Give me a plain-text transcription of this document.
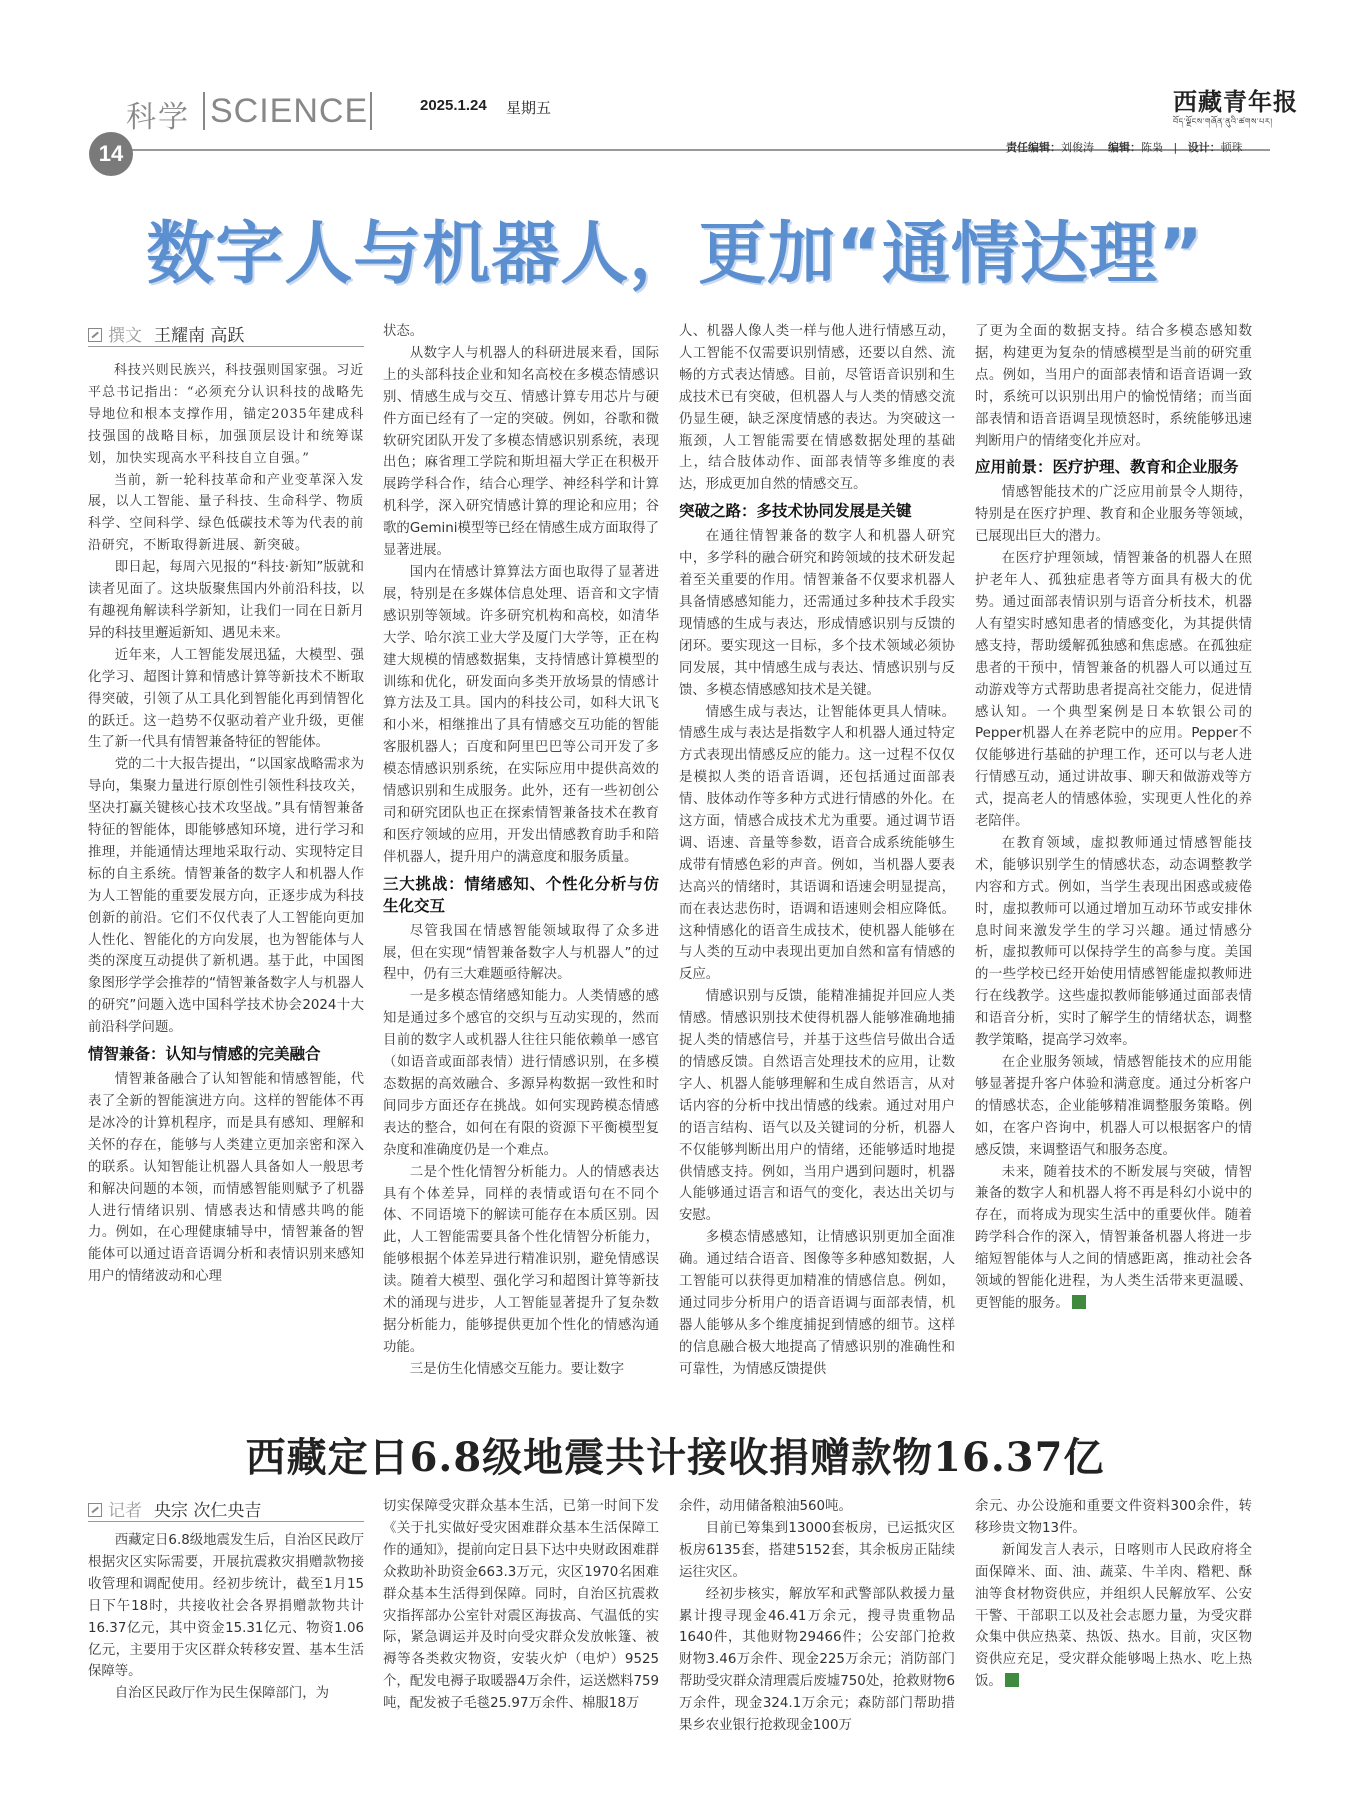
科学 SCIENCE	2025.1.24 星期五
14
西藏青年报
བོད་ལྗོངས་གཞོན་ནུའི་ཚགས་པར།
责任编辑：刘俊涛 编辑：陈枭   |   设计：顿珠
数字人与机器人，更加“通情达理”
撰文 王耀南 高跃

科技兴则民族兴，科技强则国家强。习近平总书记指出：“必须充分认识科技的战略先导地位和根本支撑作用，锚定2035年建成科技强国的战略目标，加强顶层设计和统筹谋划，加快实现高水平科技自立自强。”

当前，新一轮科技革命和产业变革深入发展，以人工智能、量子科技、生命科学、物质科学、空间科学、绿色低碳技术等为代表的前沿研究，不断取得新进展、新突破。

即日起，每周六见报的“科技·新知”版就和读者见面了。这块版聚焦国内外前沿科技，以有趣视角解读科学新知，让我们一同在日新月异的科技里邂逅新知、遇见未来。

近年来，人工智能发展迅猛，大模型、强化学习、超图计算和情感计算等新技术不断取得突破，引领了从工具化到智能化再到情智化的跃迁。这一趋势不仅驱动着产业升级，更催生了新一代具有情智兼备特征的智能体。

党的二十大报告提出，“以国家战略需求为导向，集聚力量进行原创性引领性科技攻关，坚决打赢关键核心技术攻坚战。”具有情智兼备特征的智能体，即能够感知环境，进行学习和推理，并能通情达理地采取行动、实现特定目标的自主系统。情智兼备的数字人和机器人作为人工智能的重要发展方向，正逐步成为科技创新的前沿。它们不仅代表了人工智能向更加人性化、智能化的方向发展，也为智能体与人类的深度互动提供了新机遇。基于此，中国图象图形学学会推荐的“情智兼备数字人与机器人的研究”问题入选中国科学技术协会2024十大前沿科学问题。

情智兼备：认知与情感的完美融合

情智兼备融合了认知智能和情感智能，代表了全新的智能演进方向。这样的智能体不再是冰冷的计算机程序，而是具有感知、理解和关怀的存在，能够与人类建立更加亲密和深入的联系。认知智能让机器人具备如人一般思考和解决问题的本领，而情感智能则赋予了机器人进行情绪识别、情感表达和情感共鸣的能力。例如，在心理健康辅导中，情智兼备的智能体可以通过语音语调分析和表情识别来感知用户的情绪波动和心理

状态。

从数字人与机器人的科研进展来看，国际上的头部科技企业和知名高校在多模态情感识别、情感生成与交互、情感计算专用芯片与硬件方面已经有了一定的突破。例如，谷歌和微软研究团队开发了多模态情感识别系统，表现出色；麻省理工学院和斯坦福大学正在积极开展跨学科合作，结合心理学、神经科学和计算机科学，深入研究情感计算的理论和应用；谷歌的Gemini模型等已经在情感生成方面取得了显著进展。

国内在情感计算算法方面也取得了显著进展，特别是在多媒体信息处理、语音和文字情感识别等领域。许多研究机构和高校，如清华大学、哈尔滨工业大学及厦门大学等，正在构建大规模的情感数据集，支持情感计算模型的训练和优化，研发面向多类开放场景的情感计算方法及工具。国内的科技公司，如科大讯飞和小米，相继推出了具有情感交互功能的智能客服机器人；百度和阿里巴巴等公司开发了多模态情感识别系统，在实际应用中提供高效的情感识别和生成服务。此外，还有一些初创公司和研究团队也正在探索情智兼备技术在教育和医疗领域的应用，开发出情感教育助手和陪伴机器人，提升用户的满意度和服务质量。

三大挑战：情绪感知、个性化分析与仿生化交互

尽管我国在情感智能领域取得了众多进展，但在实现“情智兼备数字人与机器人”的过程中，仍有三大难题亟待解决。

一是多模态情绪感知能力。人类情感的感知是通过多个感官的交织与互动实现的，然而目前的数字人或机器人往往只能依赖单一感官（如语音或面部表情）进行情感识别，在多模态数据的高效融合、多源异构数据一致性和时间同步方面还存在挑战。如何实现跨模态情感表达的整合，如何在有限的资源下平衡模型复杂度和准确度仍是一个难点。

二是个性化情智分析能力。人的情感表达具有个体差异，同样的表情或语句在不同个体、不同语境下的解读可能存在本质区别。因此，人工智能需要具备个性化情智分析能力，能够根据个体差异进行精准识别，避免情感误读。随着大模型、强化学习和超图计算等新技术的涌现与进步，人工智能显著提升了复杂数据分析能力，能够提供更加个性化的情感沟通功能。

三是仿生化情感交互能力。要让数字

人、机器人像人类一样与他人进行情感互动，人工智能不仅需要识别情感，还要以自然、流畅的方式表达情感。目前，尽管语音识别和生成技术已有突破，但机器人与人类的情感交流仍显生硬，缺乏深度情感的表达。为突破这一瓶颈，人工智能需要在情感数据处理的基础上，结合肢体动作、面部表情等多维度的表达，形成更加自然的情感交互。

突破之路：多技术协同发展是关键

在通往情智兼备的数字人和机器人研究中，多学科的融合研究和跨领域的技术研发起着至关重要的作用。情智兼备不仅要求机器人具备情感感知能力，还需通过多种技术手段实现情感的生成与表达，形成情感识别与反馈的闭环。要实现这一目标，多个技术领域必须协同发展，其中情感生成与表达、情感识别与反馈、多模态情感感知技术是关键。

情感生成与表达，让智能体更具人情味。情感生成与表达是指数字人和机器人通过特定方式表现出情感反应的能力。这一过程不仅仅是模拟人类的语音语调，还包括通过面部表情、肢体动作等多种方式进行情感的外化。在这方面，情感合成技术尤为重要。通过调节语调、语速、音量等参数，语音合成系统能够生成带有情感色彩的声音。例如，当机器人要表达高兴的情绪时，其语调和语速会明显提高，而在表达悲伤时，语调和语速则会相应降低。这种情感化的语音生成技术，使机器人能够在与人类的互动中表现出更加自然和富有情感的反应。

情感识别与反馈，能精准捕捉并回应人类情感。情感识别技术使得机器人能够准确地捕捉人类的情感信号，并基于这些信号做出合适的情感反馈。自然语言处理技术的应用，让数字人、机器人能够理解和生成自然语言，从对话内容的分析中找出情感的线索。通过对用户的语言结构、语气以及关键词的分析，机器人不仅能够判断出用户的情绪，还能够适时地提供情感支持。例如，当用户遇到问题时，机器人能够通过语言和语气的变化，表达出关切与安慰。

多模态情感感知，让情感识别更加全面准确。通过结合语音、图像等多种感知数据，人工智能可以获得更加精准的情感信息。例如，通过同步分析用户的语音语调与面部表情，机器人能够从多个维度捕捉到情感的细节。这样的信息融合极大地提高了情感识别的准确性和可靠性，为情感反馈提供

了更为全面的数据支持。结合多模态感知数据，构建更为复杂的情感模型是当前的研究重点。例如，当用户的面部表情和语音语调一致时，系统可以识别出用户的愉悦情绪；而当面部表情和语音语调呈现愤怒时，系统能够迅速判断用户的情绪变化并应对。

应用前景：医疗护理、教育和企业服务

情感智能技术的广泛应用前景令人期待，特别是在医疗护理、教育和企业服务等领域，已展现出巨大的潜力。

在医疗护理领域，情智兼备的机器人在照护老年人、孤独症患者等方面具有极大的优势。通过面部表情识别与语音分析技术，机器人有望实时感知患者的情感变化，为其提供情感支持，帮助缓解孤独感和焦虑感。在孤独症患者的干预中，情智兼备的机器人可以通过互动游戏等方式帮助患者提高社交能力，促进情感认知。一个典型案例是日本软银公司的Pepper机器人在养老院中的应用。Pepper不仅能够进行基础的护理工作，还可以与老人进行情感互动，通过讲故事、聊天和做游戏等方式，提高老人的情感体验，实现更人性化的养老陪伴。

在教育领域，虚拟教师通过情感智能技术，能够识别学生的情感状态，动态调整教学内容和方式。例如，当学生表现出困惑或疲倦时，虚拟教师可以通过增加互动环节或安排休息时间来激发学生的学习兴趣。通过情感分析，虚拟教师可以保持学生的高参与度。美国的一些学校已经开始使用情感智能虚拟教师进行在线教学。这些虚拟教师能够通过面部表情和语音分析，实时了解学生的情绪状态，调整教学策略，提高学习效率。

在企业服务领域，情感智能技术的应用能够显著提升客户体验和满意度。通过分析客户的情感状态，企业能够精准调整服务策略。例如，在客户咨询中，机器人可以根据客户的情感反馈，来调整语气和服务态度。

未来，随着技术的不断发展与突破，情智兼备的数字人和机器人将不再是科幻小说中的存在，而将成为现实生活中的重要伙伴。随着跨学科合作的深入，情智兼备机器人将进一步缩短智能体与人之间的情感距离，推动社会各领域的智能化进程，为人类生活带来更温暖、更智能的服务。

西藏定日6.8级地震共计接收捐赠款物16.37亿
记者 央宗 次仁央吉

西藏定日6.8级地震发生后，自治区民政厅根据灾区实际需要，开展抗震救灾捐赠款物接收管理和调配使用。经初步统计，截至1月15日下午18时，共接收社会各界捐赠款物共计16.37亿元，其中资金15.31亿元、物资1.06亿元，主要用于灾区群众转移安置、基本生活保障等。

自治区民政厅作为民生保障部门，为

切实保障受灾群众基本生活，已第一时间下发《关于扎实做好受灾困难群众基本生活保障工作的通知》，提前向定日县下达中央财政困难群众救助补助资金663.3万元，灾区1970名困难群众基本生活得到保障。同时，自治区抗震救灾指挥部办公室针对震区海拔高、气温低的实际，紧急调运并及时向受灾群众发放帐篷、被褥等各类救灾物资，安装火炉（电炉）9525个，配发电褥子取暖器4万余件，运送燃料759吨，配发被子毛毯25.97万余件、棉服18万

余件，动用储备粮油560吨。

目前已筹集到13000套板房，已运抵灾区板房6135套，搭建5152套，其余板房正陆续运往灾区。

经初步核实，解放军和武警部队救援力量累计搜寻现金46.41万余元，搜寻贵重物品1640件，其他财物29466件；公安部门抢救财物3.46万余件、现金225万余元；消防部门帮助受灾群众清理震后废墟750处，抢救财物6万余件，现金324.1万余元；森防部门帮助措果乡农业银行抢救现金100万

余元、办公设施和重要文件资料300余件，转移珍贵文物13件。

新闻发言人表示，日喀则市人民政府将全面保障米、面、油、蔬菜、牛羊肉、糌粑、酥油等食材物资供应，并组织人民解放军、公安干警、干部职工以及社会志愿力量，为受灾群众集中供应热菜、热饭、热水。目前，灾区物资供应充足，受灾群众能够喝上热水、吃上热饭。
